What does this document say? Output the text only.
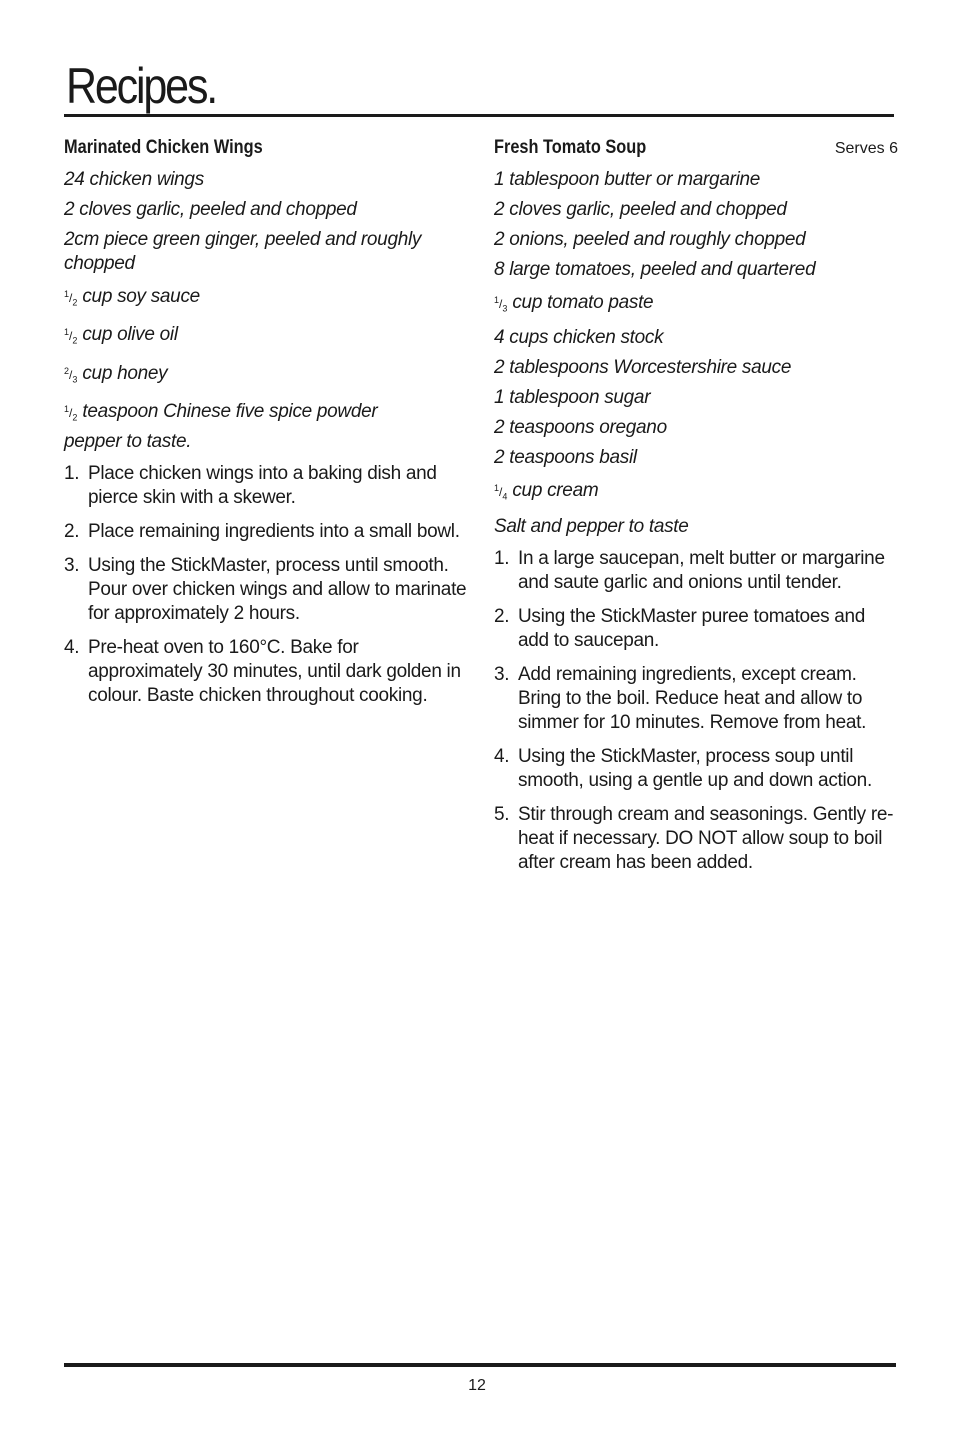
Recipes.
Marinated Chicken Wings
24 chicken wings
2 cloves garlic, peeled and chopped
2cm piece green ginger, peeled and roughly chopped
$^1/_2$ cup soy sauce
$^1/_2$ cup olive oil
$^2/_3$ cup honey
$^1/_2$ teaspoon Chinese five spice powder
pepper to taste.
1. Place chicken wings into a baking dish and pierce skin with a skewer.
2. Place remaining ingredients into a small bowl.
3. Using the StickMaster, process until smooth. Pour over chicken wings and allow to marinate for approximately 2 hours.
4. Pre-heat oven to 160°C. Bake for approximately 30 minutes, until dark golden in colour. Baste chicken throughout cooking.
Fresh Tomato Soup	Serves 6
1 tablespoon butter or margarine
2 cloves garlic, peeled and chopped
2 onions, peeled and roughly chopped
8 large tomatoes, peeled and quartered
$^1/_3$ cup tomato paste
4 cups chicken stock
2 tablespoons Worcestershire sauce
1 tablespoon sugar
2 teaspoons oregano
2 teaspoons basil
$^1/_4$ cup cream
Salt and pepper to taste
1. In a large saucepan, melt butter or margarine and saute garlic and onions until tender.
2. Using the StickMaster puree tomatoes and add to saucepan.
3. Add remaining ingredients, except cream. Bring to the boil. Reduce heat and allow to simmer for 10 minutes. Remove from heat.
4. Using the StickMaster, process soup until smooth, using a gentle up and down action.
5. Stir through cream and seasonings. Gently re-heat if necessary. DO NOT allow soup to boil after cream has been added.
12
